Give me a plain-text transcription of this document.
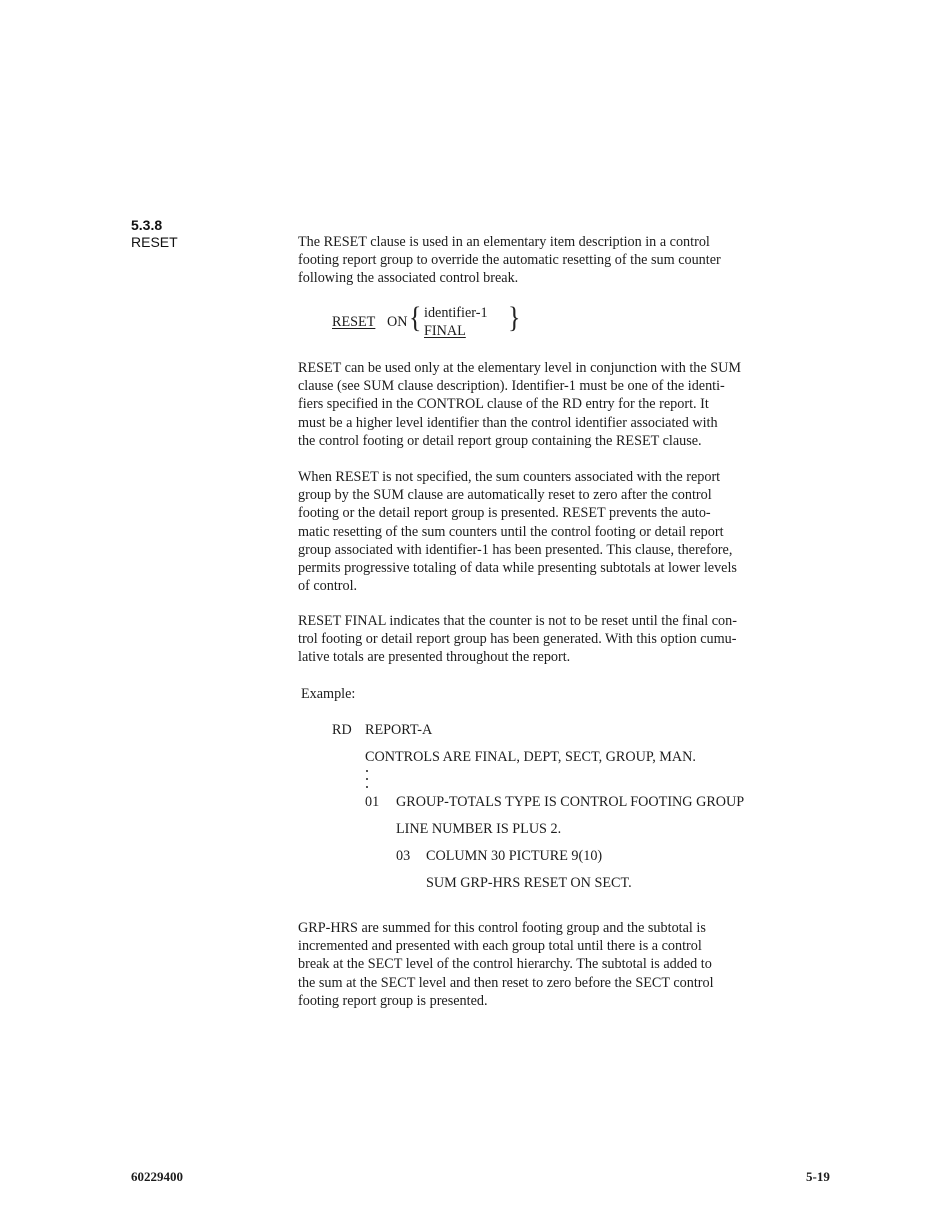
5.3.8
RESET	The RESET clause is used in an elementary item description in a control

footing report group to override the automatic resetting of the sum counter

following the associated control break.

RESET ON { identifier-1
FINAL }

RESET can be used only at the elementary level in conjunction with the SUM

clause (see SUM clause description). Identifier-1 must be one of the identi-

fiers specified in the CONTROL clause of the RD entry for the report. It

must be a higher level identifier than the control identifier associated with

the control footing or detail report group containing the RESET clause.

When RESET is not specified, the sum counters associated with the report

group by the SUM clause are automatically reset to zero after the control

footing or the detail report group is presented. RESET prevents the auto-

matic resetting of the sum counters until the control footing or detail report

group associated with identifier-1 has been presented. This clause, therefore,

permits progressive totaling of data while presenting subtotals at lower levels

of control.

RESET FINAL indicates that the counter is not to be reset until the final con-

trol footing or detail report group has been generated. With this option cumu-

lative totals are presented throughout the report.

Example:
RD REPORT-A
CONTROLS ARE FINAL, DEPT, SECT, GROUP, MAN.
01 GROUP-TOTALS TYPE IS CONTROL FOOTING GROUP
LINE NUMBER IS PLUS 2.
03 COLUMN 30 PICTURE 9(10)
SUM GRP-HRS RESET ON SECT.

GRP-HRS are summed for this control footing group and the subtotal is

incremented and presented with each group total until there is a control

break at the SECT level of the control hierarchy. The subtotal is added to

the sum at the SECT level and then reset to zero before the SECT control

footing report group is presented.

60229400	5-19
